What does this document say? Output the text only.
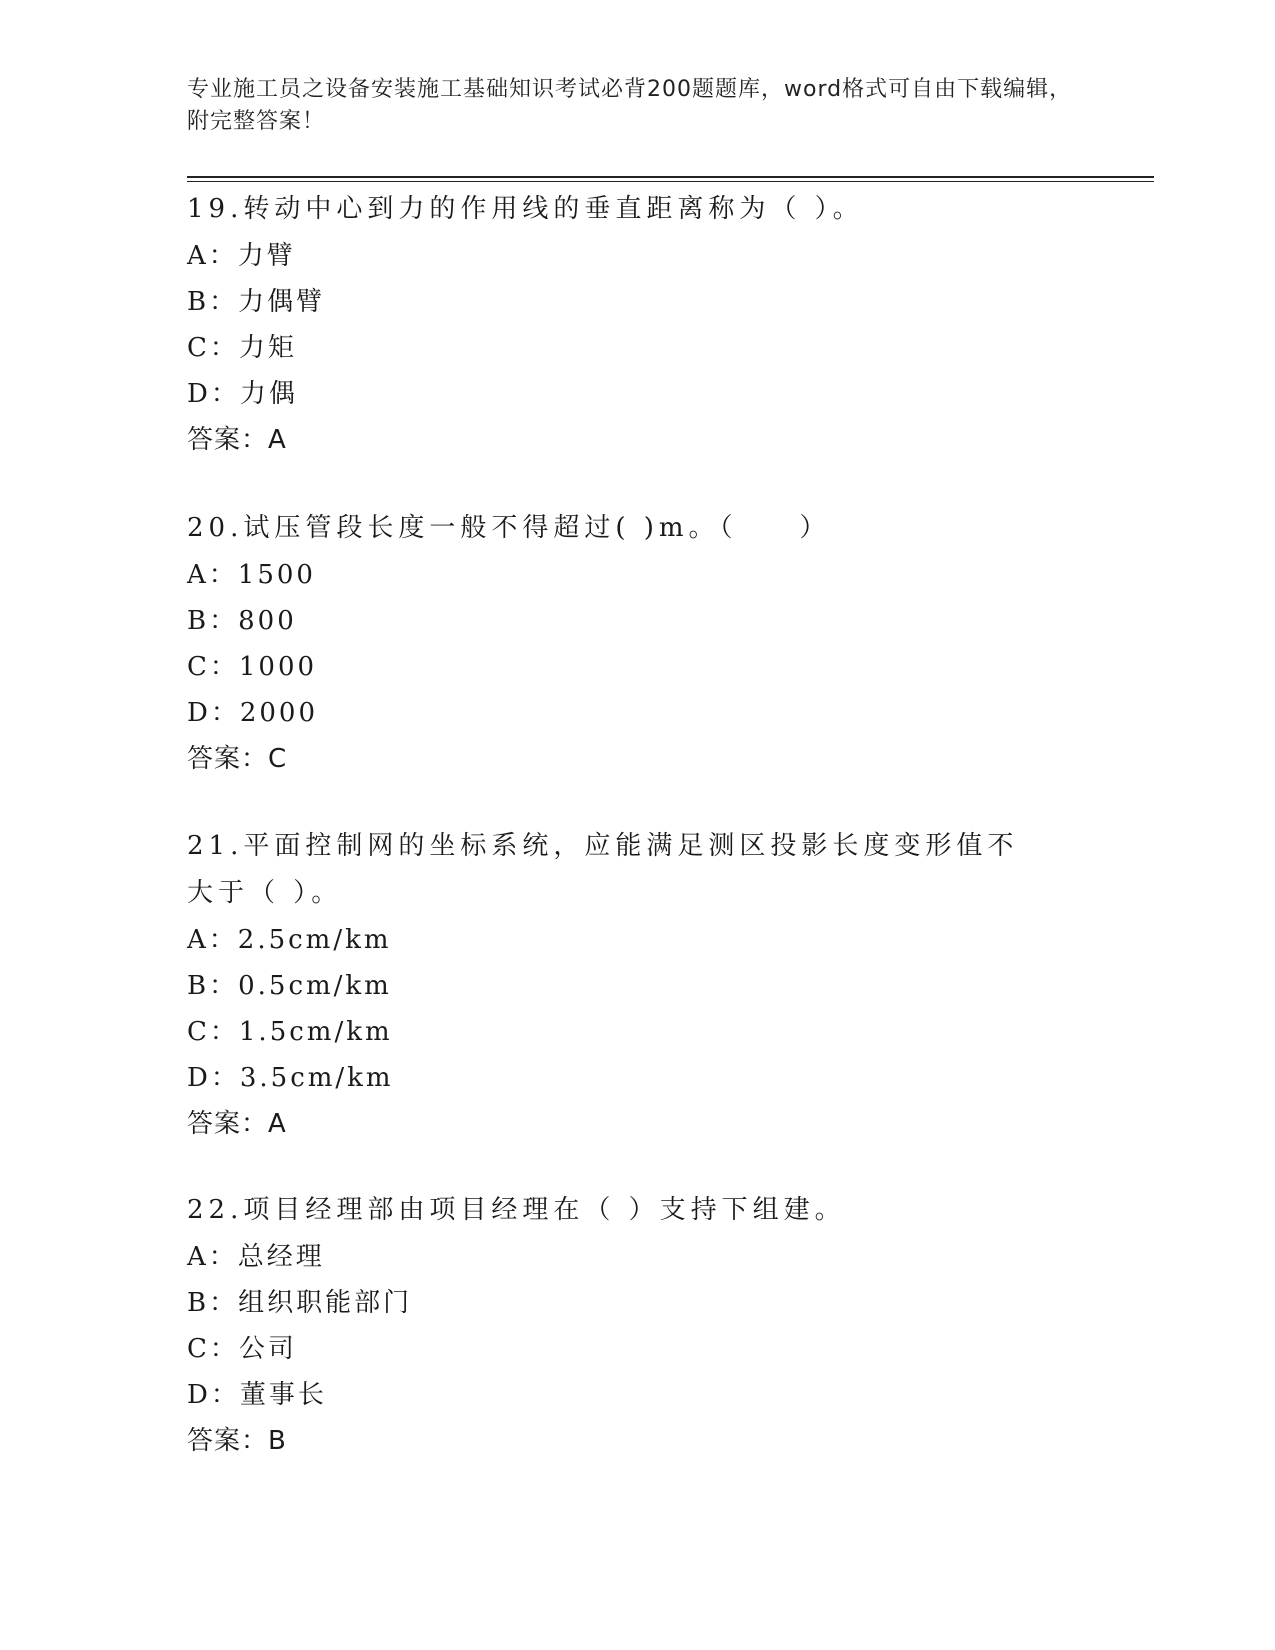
专业施工员之设备安装施工基础知识考试必背200题题库，word格式可自由下载编辑，附完整答案！

19.转动中心到力的作用线的垂直距离称为（ ）。

A：力臂

B：力偶臂

C：力矩

D：力偶

答案：A

20.试压管段长度一般不得超过( )m。（　　）

A：1500

B：800

C：1000

D：2000

答案：C

21.平面控制网的坐标系统，应能满足测区投影长度变形值不大于（ ）。

A：2.5cm/km

B：0.5cm/km

C：1.5cm/km

D：3.5cm/km

答案：A

22.项目经理部由项目经理在（ ）支持下组建。

A：总经理

B：组织职能部门

C：公司

D：董事长

答案：B
